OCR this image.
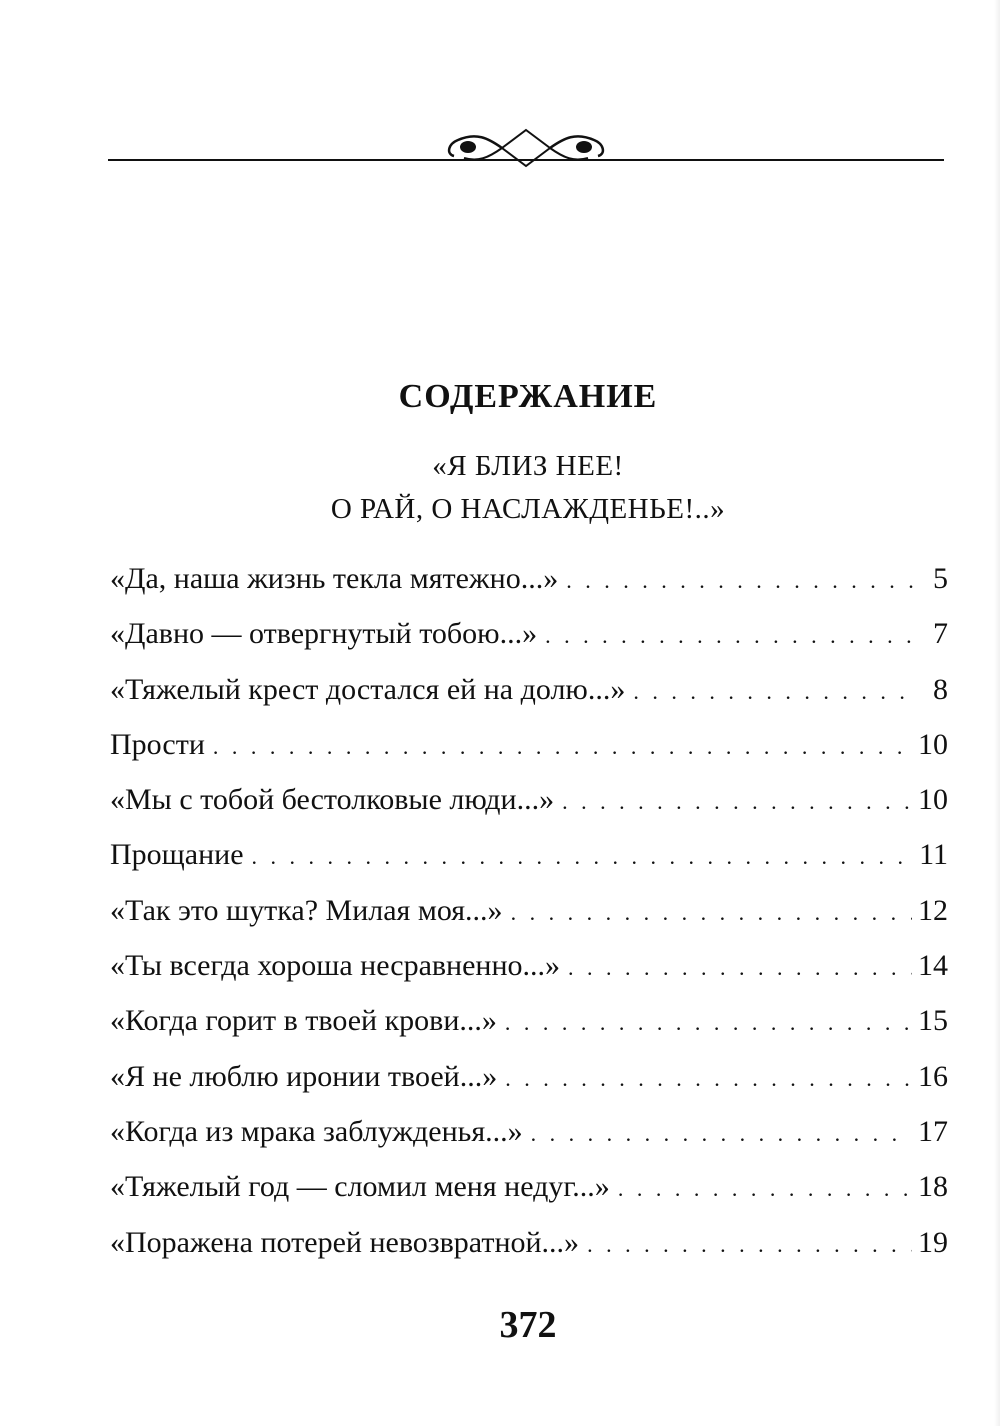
СОДЕРЖАНИЕ
«Я БЛИЗ НЕЕ!
О РАЙ, О НАСЛАЖДЕНЬЕ!..»
«Да, наша жизнь текла мятежно...» . . .	5
«Давно — отвергнутый тобою...» . . .	7
«Тяжелый крест достался ей на долю...» . . .	8
Прости . . .	10
«Мы с тобой бестолковые люди...» . . .	10
Прощание . . .	11
«Так это шутка? Милая моя...» . . .	12
«Ты всегда хороша несравненно...» . . .	14
«Когда горит в твоей крови...» . . .	15
«Я не люблю иронии твоей...» . . .	16
«Когда из мрака заблужденья...» . . .	17
«Тяжелый год — сломил меня недуг...» . . .	18
«Поражена потерей невозвратной...» . . .	19
372
